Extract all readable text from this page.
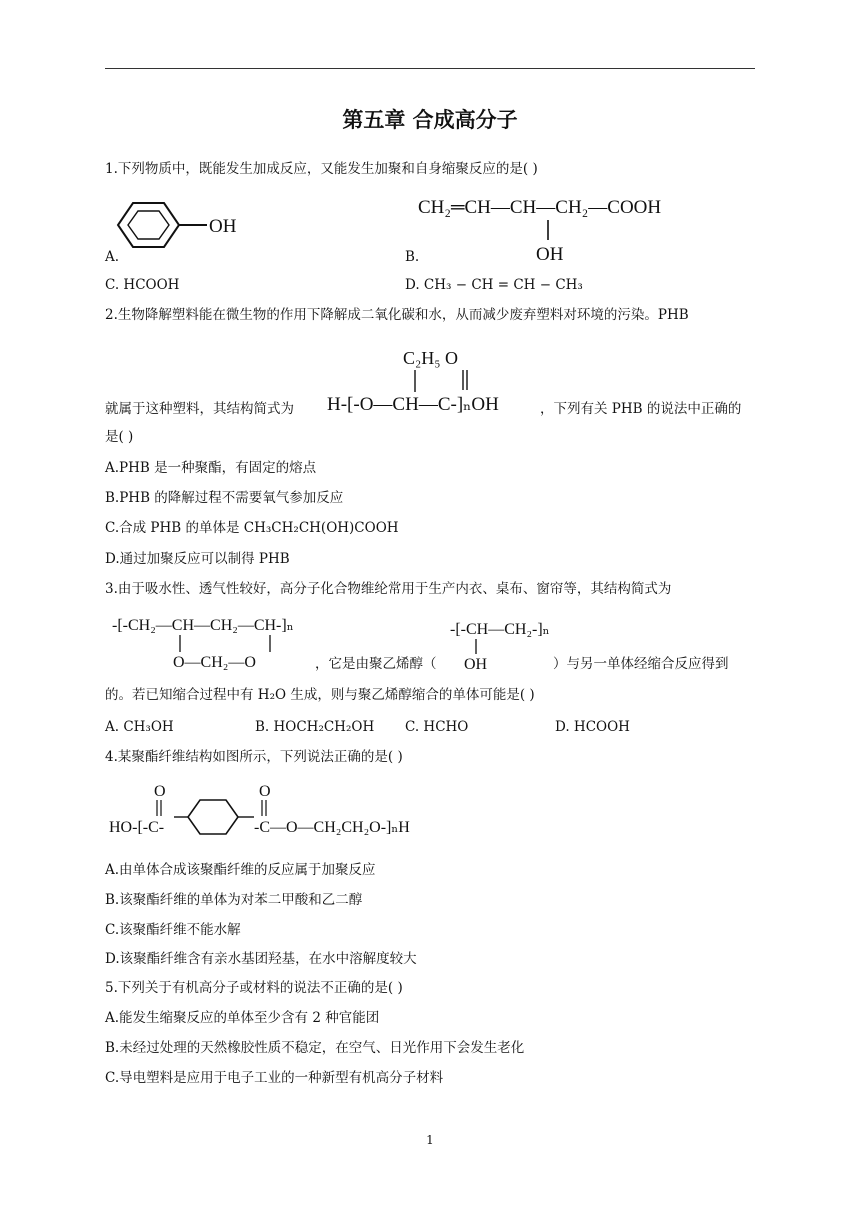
第五章 合成高分子
1.下列物质中，既能发生加成反应，又能发生加聚和自身缩聚反应的是( )
OH
A.
CH₂═CH—CH—CH₂—COOH
OH
B.
C. HCOOH	D. CH₃ − CH = CH − CH₃
2.生物降解塑料能在微生物的作用下降解成二氧化碳和水，从而减少废弃塑料对环境的污染。PHB
C₂H₅ O
H-[-O—CH—C-]ₙOH
就属于这种塑料，其结构简式为	，下列有关 PHB 的说法中正确的
是( )
A.PHB 是一种聚酯，有固定的熔点
B.PHB 的降解过程不需要氧气参加反应
C.合成 PHB 的单体是 CH₃CH₂CH(OH)COOH
D.通过加聚反应可以制得 PHB
3.由于吸水性、透气性较好，高分子化合物维纶常用于生产内衣、桌布、窗帘等，其结构简式为
-[-CH₂—CH—CH₂—CH-]ₙ
O—CH₂—O	，它是由聚乙烯醇（
-[-CH—CH₂-]ₙ
OH	）与另一单体经缩合反应得到
的。若已知缩合过程中有 H₂O 生成，则与聚乙烯醇缩合的单体可能是( )
A. CH₃OH	B. HOCH₂CH₂OH C. HCHO	D. HCOOH
4.某聚酯纤维结构如图所示，下列说法正确的是( )
O
HO-[-C-
O
-C—O—CH₂CH₂O-]ₙH
A.由单体合成该聚酯纤维的反应属于加聚反应
B.该聚酯纤维的单体为对苯二甲酸和乙二醇
C.该聚酯纤维不能水解
D.该聚酯纤维含有亲水基团羟基，在水中溶解度较大
5.下列关于有机高分子或材料的说法不正确的是( )
A.能发生缩聚反应的单体至少含有 2 种官能团
B.未经过处理的天然橡胶性质不稳定，在空气、日光作用下会发生老化
C.导电塑料是应用于电子工业的一种新型有机高分子材料
1
